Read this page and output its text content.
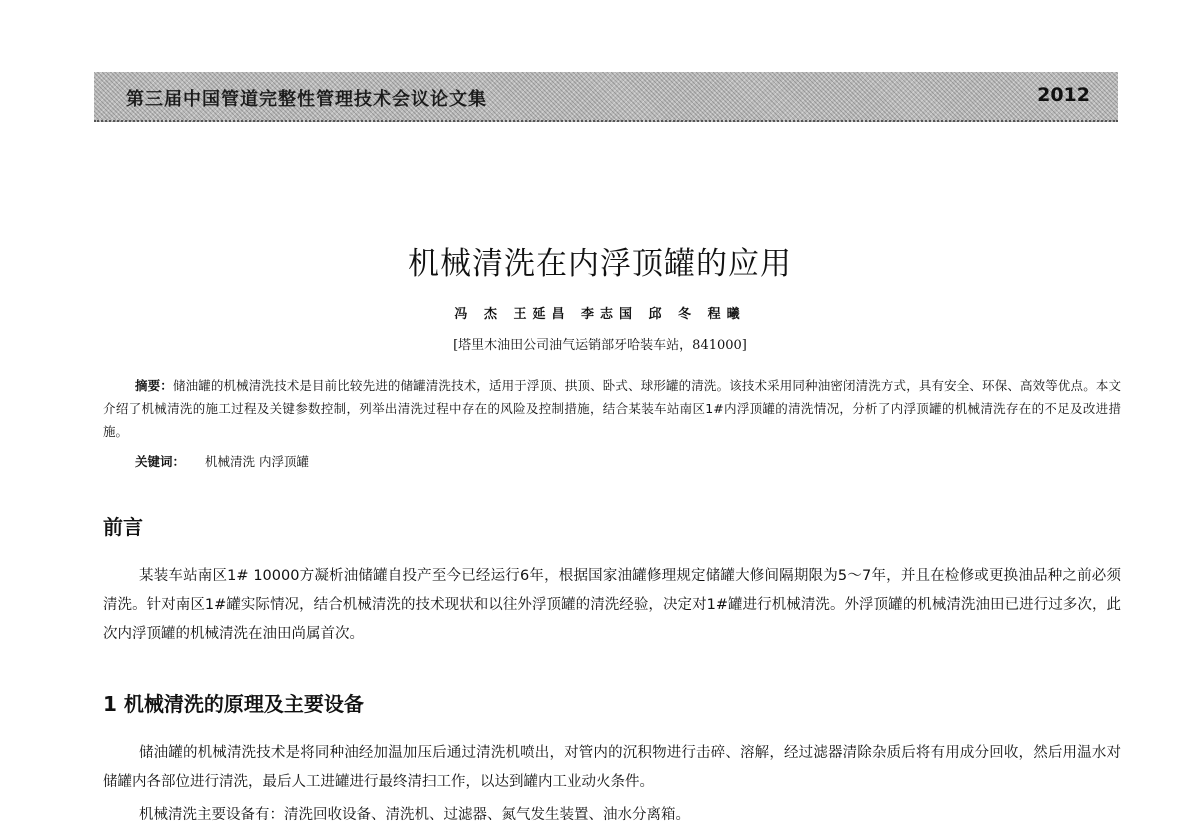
第三届中国管道完整性管理技术会议论文集	2012
机械清洗在内浮顶罐的应用
冯 杰 王延昌 李志国 邱 冬 程曦
[塔里木油田公司油气运销部牙哈装车站，841000]

摘要：储油罐的机械清洗技术是目前比较先进的储罐清洗技术，适用于浮顶、拱顶、卧式、球形罐的清洗。该技术采用同种油密闭清洗方式，具有安全、环保、高效等优点。本文介绍了机械清洗的施工过程及关键参数控制，列举出清洗过程中存在的风险及控制措施，结合某装车站南区1#内浮顶罐的清洗情况，分析了内浮顶罐的机械清洗存在的不足及改进措施。

关键词： 机械清洗 内浮顶罐
前言

某装车站南区1# 10000方凝析油储罐自投产至今已经运行6年，根据国家油罐修理规定储罐大修间隔期限为5～7年，并且在检修或更换油品种之前必须清洗。针对南区1#罐实际情况，结合机械清洗的技术现状和以往外浮顶罐的清洗经验，决定对1#罐进行机械清洗。外浮顶罐的机械清洗油田已进行过多次，此次内浮顶罐的机械清洗在油田尚属首次。

1 机械清洗的原理及主要设备

储油罐的机械清洗技术是将同种油经加温加压后通过清洗机喷出，对管内的沉积物进行击碎、溶解，经过滤器清除杂质后将有用成分回收，然后用温水对储罐内各部位进行清洗，最后人工进罐进行最终清扫工作，以达到罐内工业动火条件。

机械清洗主要设备有：清洗回收设备、清洗机、过滤器、氮气发生装置、油水分离箱。
